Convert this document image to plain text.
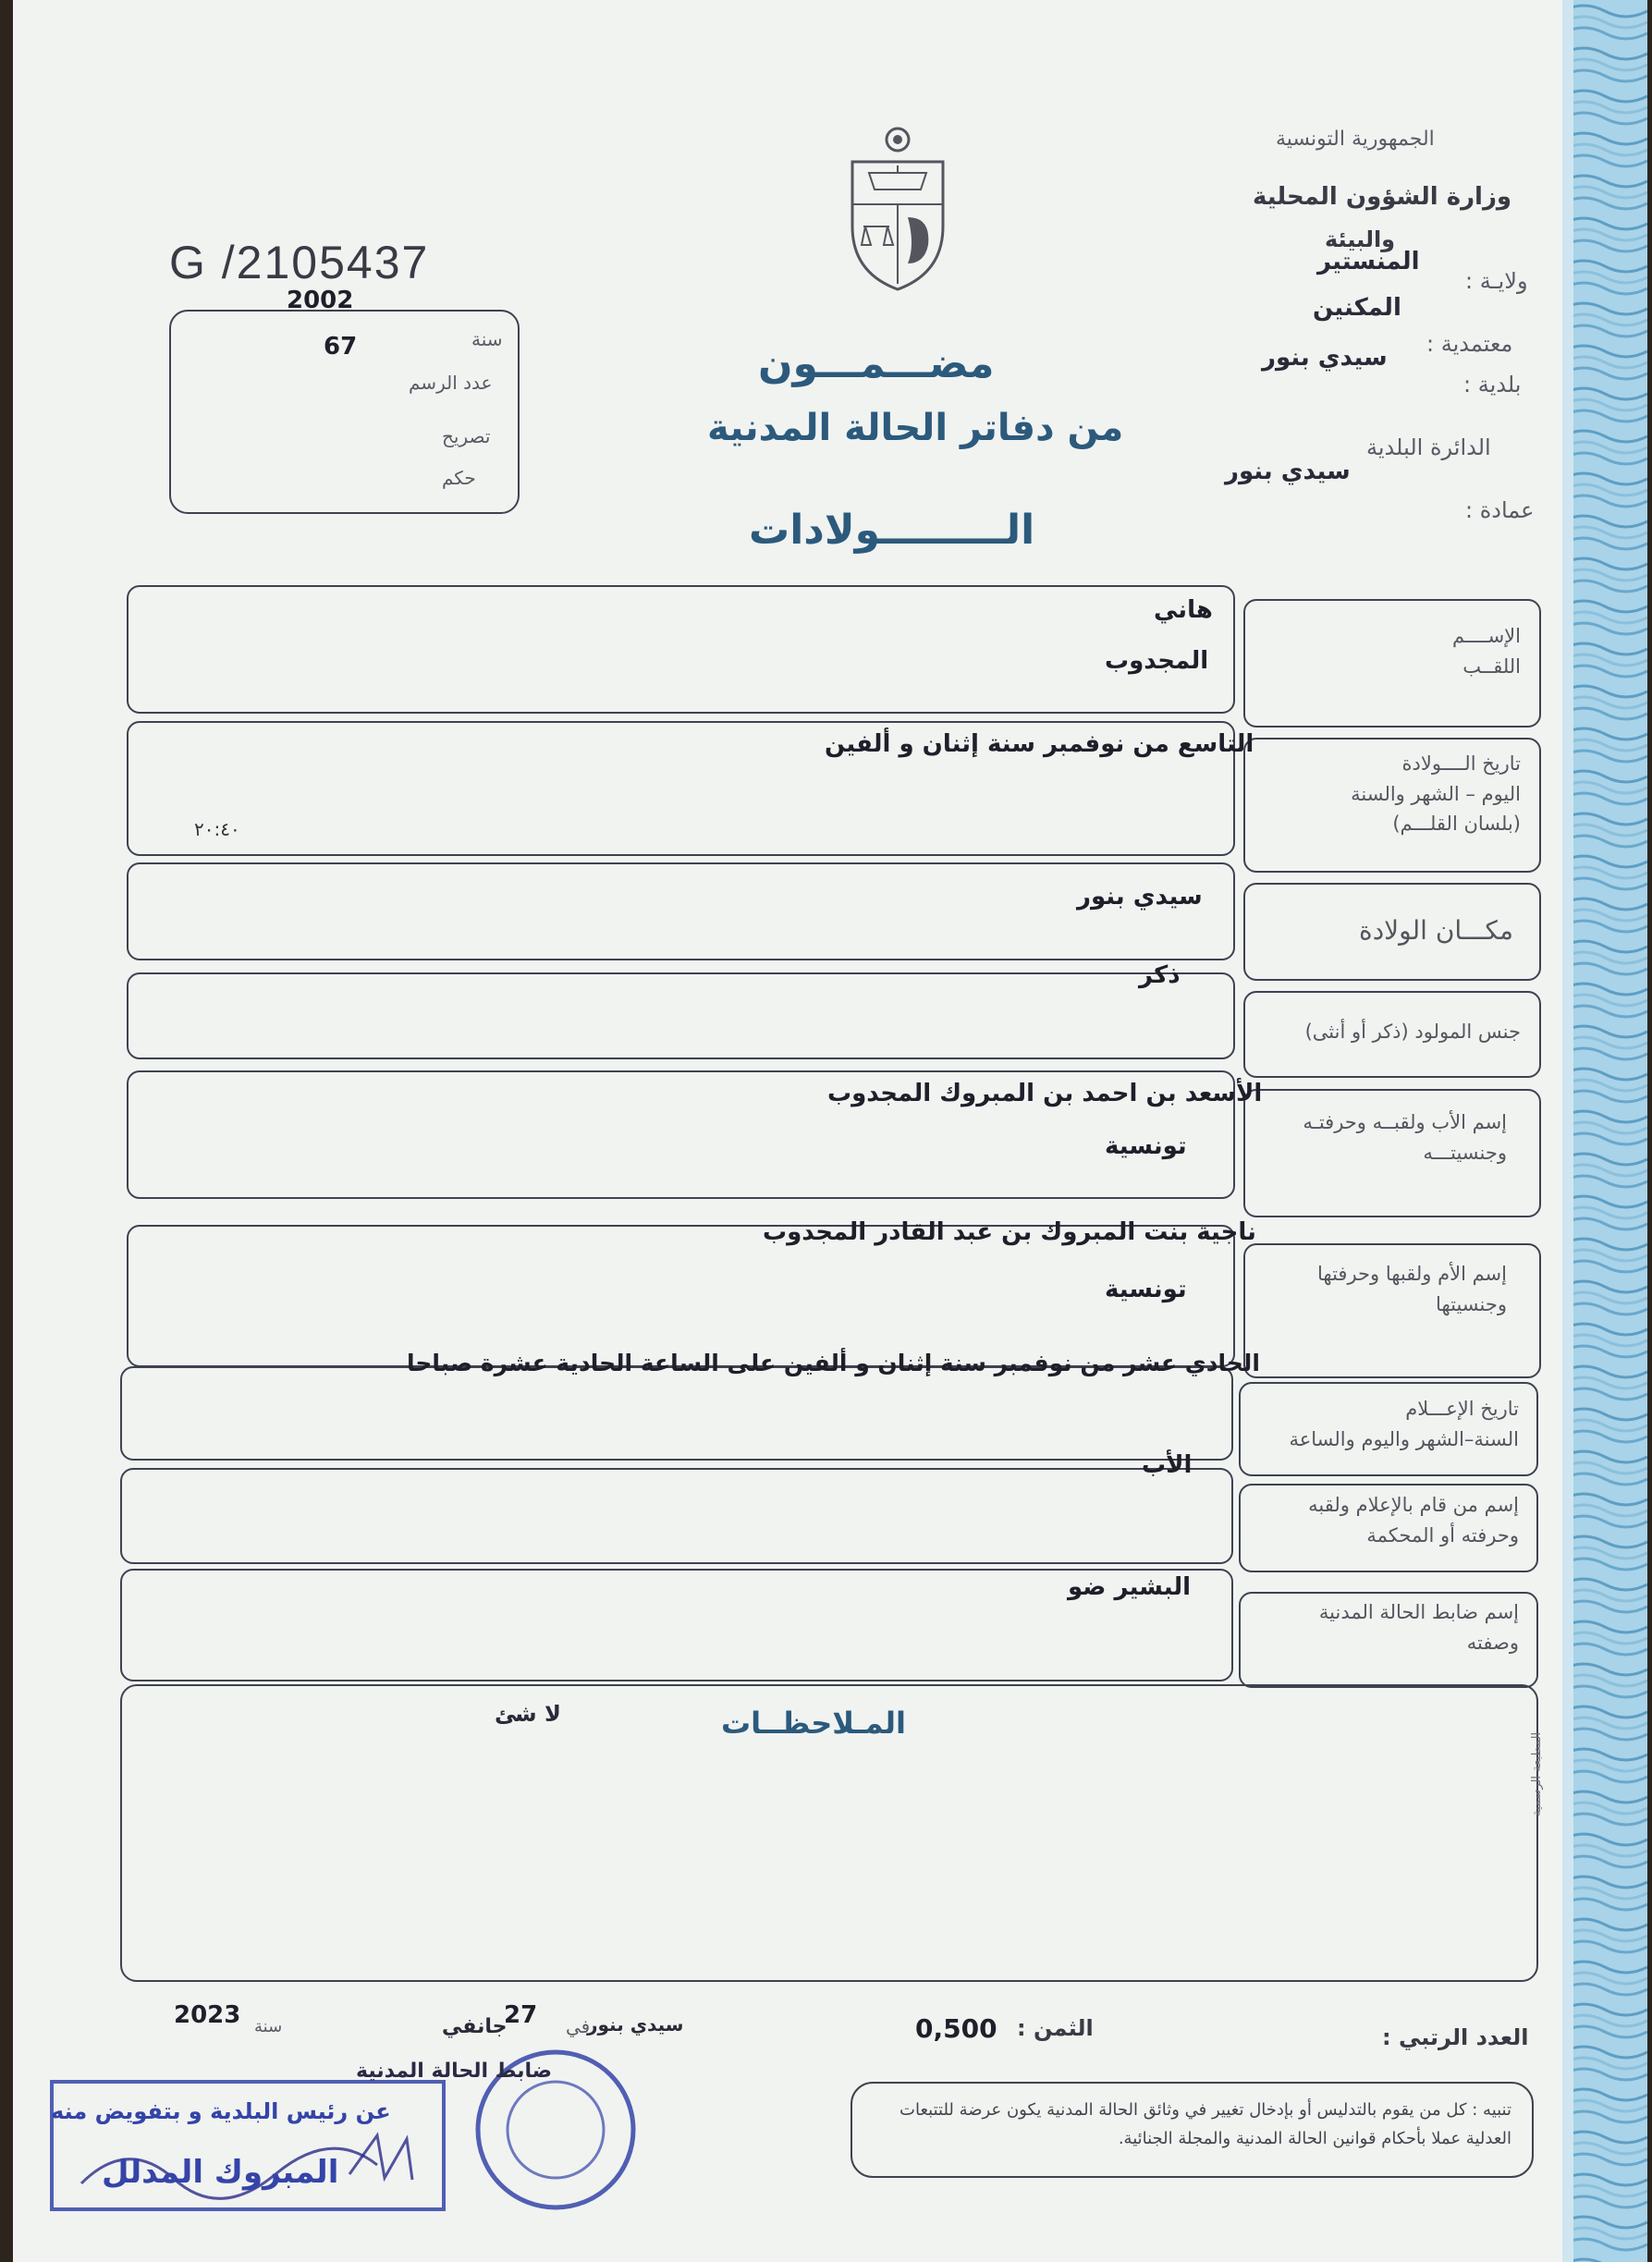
الجمهورية التونسية
وزارة الشؤون المحلية
والبيئة
ولايـة :
المنستير
المكنين
معتمدية :
سيدي بنور
بلدية :
الدائرة البلدية
سيدي بنور
عمادة :
G /2105437
2002
سنة
67
عدد الرسم
تصريح
حكم
مضـــمـــون
من دفاتر الحالة المدنية
الـــــــــولادات
الإســــم
اللقــب
هاني
المجدوب
تاريخ الــــولادة
اليوم – الشهر والسنة
(بلسان القلـــم)
التاسع من نوفمبر سنة إثنان و ألفين
٢٠:٤٠
مكـــان الولادة
سيدي بنور
جنس المولود (ذكر أو أنثى)
ذكر
إسم الأب ولقبــه وحرفتـه
وجنسيتـــه
الأسعد بن احمد بن المبروك المجدوب
تونسية
إسم الأم ولقبها وحرفتها
وجنسيتها
ناجية بنت المبروك بن عبد القادر المجدوب
تونسية
تاريخ الإعـــلام
السنة–الشهر واليوم والساعة
الحادي عشر من نوفمبر سنة إثنان و ألفين على الساعة الحادية عشرة صباحا
إسم من قام بالإعلام ولقبه
وحرفته أو المحكمة
الأب
إسم ضابط الحالة المدنية
وصفته
البشير ضو
المـلاحظــات
لا شئ
المطبعة الرسمية
العدد الرتبي :
الثمن :
0,500
سيدي بنور
في
27
جانفي
سنة
2023
تنبيه : كل من يقوم بالتدليس أو بإدخال تغيير في وثائق الحالة المدنية يكون عرضة للتتبعات العدلية عملا بأحكام قوانين الحالة المدنية والمجلة الجنائية.
عن رئيس البلدية و بتفويض منه
المبروك المدلل
ضابط الحالة المدنية
